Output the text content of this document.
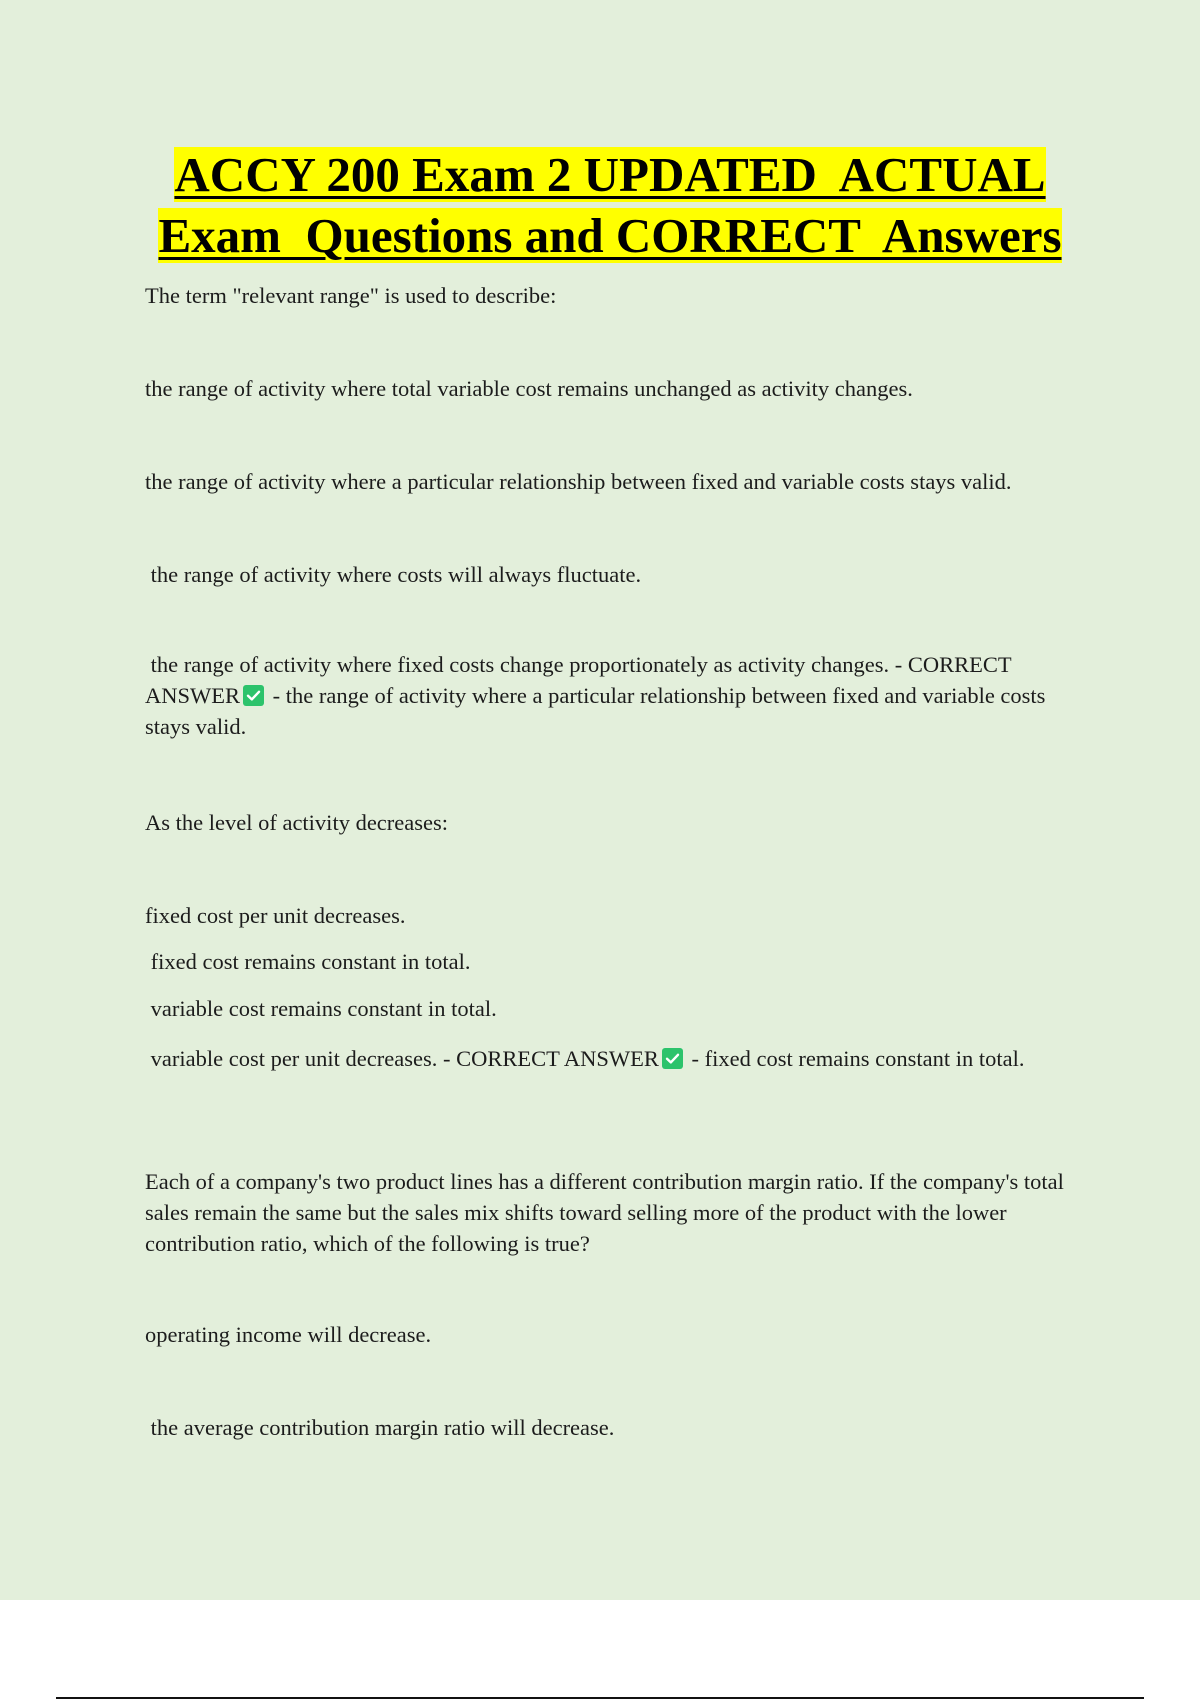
ACCY 200 Exam 2 UPDATED  ACTUAL
Exam  Questions and CORRECT  Answers

The term "relevant range" is used to describe:

the range of activity where total variable cost remains unchanged as activity changes.

the range of activity where a particular relationship between fixed and variable costs stays valid.

the range of activity where costs will always fluctuate.

the range of activity where fixed costs change proportionately as activity changes. - CORRECT ANSWER
- the range of activity where a particular relationship between fixed and variable costs stays valid.

As the level of activity decreases:

fixed cost per unit decreases.

fixed cost remains constant in total.

variable cost remains constant in total.

variable cost per unit decreases. - CORRECT ANSWER
- fixed cost remains constant in total.

Each of a company's two product lines has a different contribution margin ratio. If the company's total sales remain the same but the sales mix shifts toward selling more of the product with the lower contribution ratio, which of the following is true?

operating income will decrease.

the average contribution margin ratio will decrease.
